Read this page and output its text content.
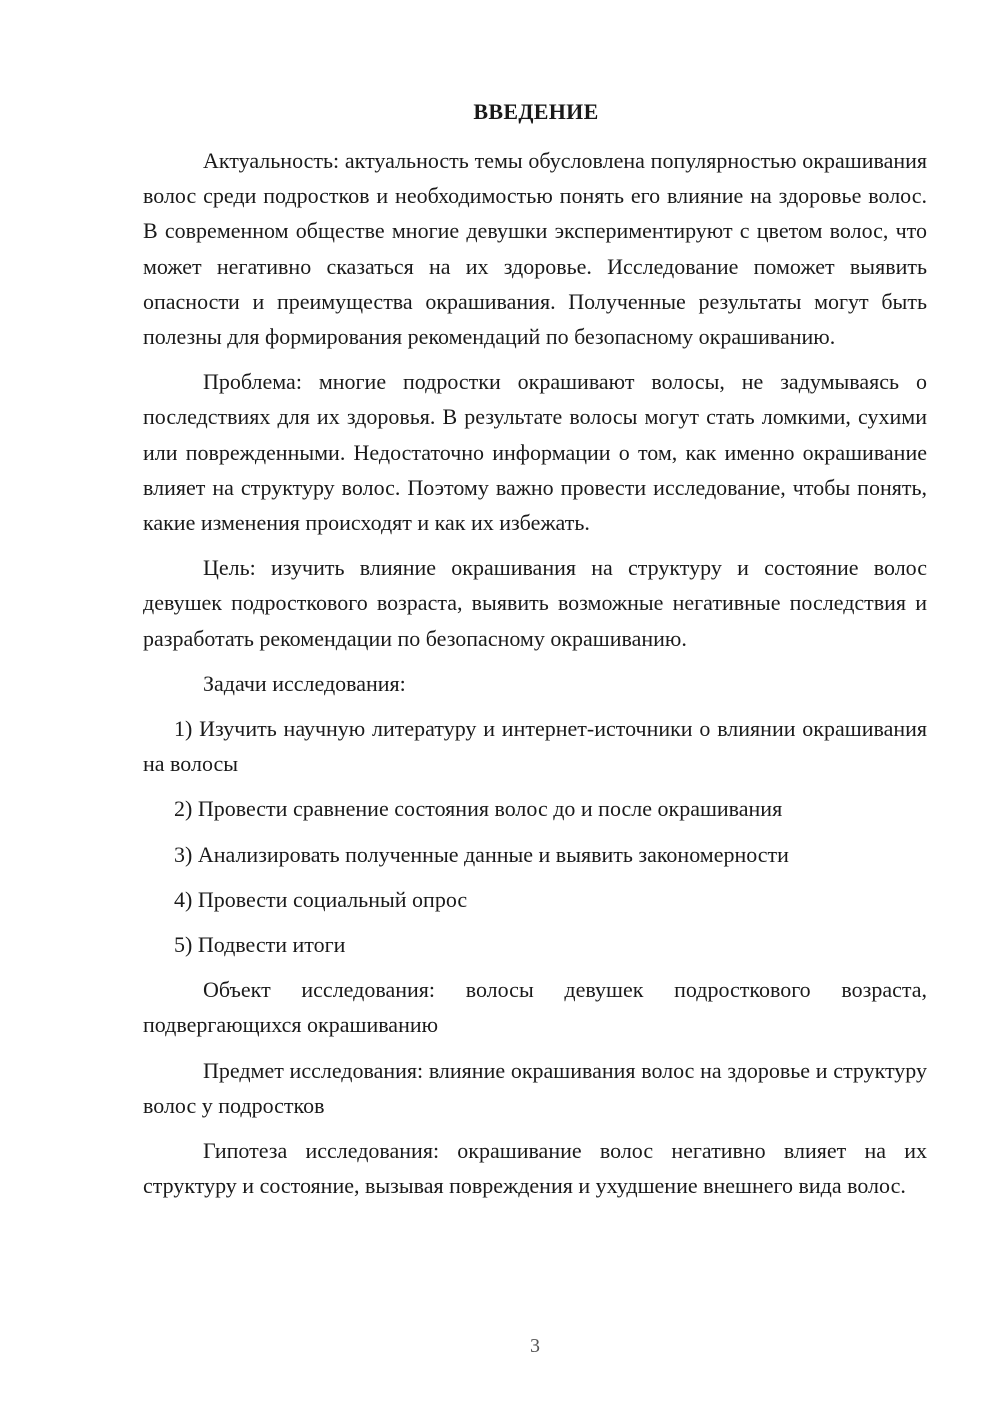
ВВЕДЕНИЕ

Актуальность: актуальность темы обусловлена популярностью окрашивания волос среди подростков и необходимостью понять его влияние на здоровье волос. В современном обществе многие девушки экспериментируют с цветом волос, что может негативно сказаться на их здоровье. Исследование поможет выявить опасности и преимущества окрашивания. Полученные результаты могут быть полезны для формирования рекомендаций по безопасному окрашиванию.

Проблема: многие подростки окрашивают волосы, не задумываясь о последствиях для их здоровья. В результате волосы могут стать ломкими, сухими или поврежденными. Недостаточно информации о том, как именно окрашивание влияет на структуру волос. Поэтому важно провести исследование, чтобы понять, какие изменения происходят и как их избежать.

Цель: изучить влияние окрашивания на структуру и состояние волос девушек подросткового возраста, выявить возможные негативные последствия и разработать рекомендации по безопасному окрашиванию.

Задачи исследования:

1) Изучить научную литературу и интернет-источники о влиянии окрашивания на волосы

2) Провести сравнение состояния волос до и после окрашивания

3) Анализировать полученные данные и выявить закономерности

4) Провести социальный опрос

5) Подвести итоги

Объект исследования: волосы девушек подросткового возраста, подвергающихся окрашиванию

Предмет исследования: влияние окрашивания волос на здоровье и структуру волос у подростков

Гипотеза исследования: окрашивание волос негативно влияет на их структуру и состояние, вызывая повреждения и ухудшение внешнего вида волос.

3
